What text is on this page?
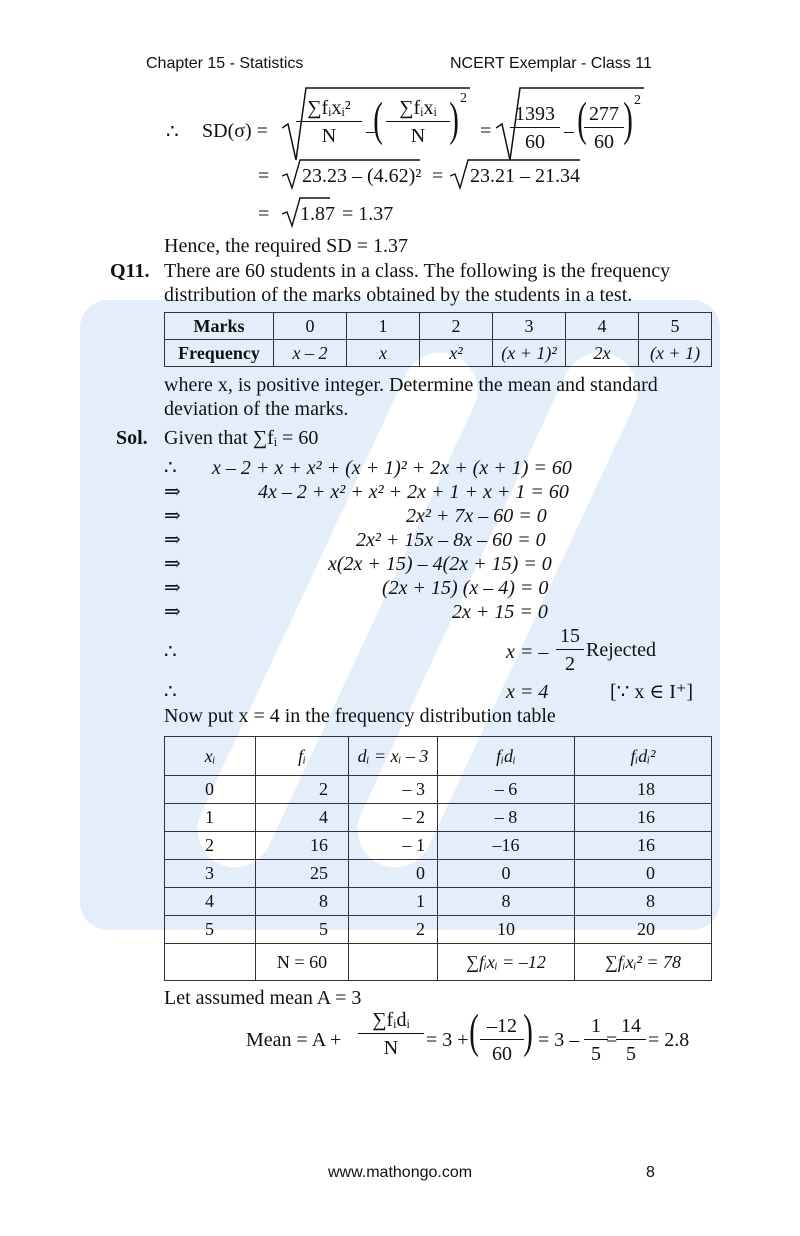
Chapter 15 - Statistics	NCERT Exemplar - Class 11
www.mathongo.com	8
∴ SD(σ) =
∑fᵢxᵢ²
N	–
( ∑fᵢxᵢ
N ) 2
= $\frac{1393}{60}$ – (
$\frac{277}{60}$ ) 2
= 23.23 – (4.62)² = 23.21 – 21.34
= 1.87 = 1.37
Hence, the required SD = 1.37
Q11. There are 60 students in a class. The following is the frequency
distribution of the marks obtained by the students in a test.
Marks	0	1	2	3	4	5
Frequency	x – 2	x	x²	(x + 1)²	2x	(x + 1)
where x, is positive integer. Determine the mean and standard
deviation of the marks.
Sol. Given that ∑fᵢ = 60
∴ x – 2 + x + x² + (x + 1)² + 2x + (x + 1) = 60
⇒	4x – 2 + x² + x² + 2x + 1 + x + 1 = 60
⇒	2x² + 7x – 60 = 0
⇒	2x² + 15x – 8x – 60 = 0
⇒	x(2x + 15) – 4(2x + 15) = 0
⇒	(2x + 15) (x – 4) = 0
⇒	2x + 15 = 0
∴	x = – $\frac{15}{2}$ Rejected
∴	x = 4	[∵ x ∈ I⁺]
Now put x = 4 in the frequency distribution table
xᵢ	fᵢ	dᵢ = xᵢ – 3	fᵢdᵢ	fᵢdᵢ²
0	2	– 3	– 6	18
1	4	– 2	– 8	16
2	16	– 1	–16	16
3	25	0	0	0
4	8	1	8	8
5	5	2	10	20
	N = 60		∑fᵢxᵢ = –12	∑fᵢxᵢ² = 78
Let assumed mean A = 3
Mean = A +
∑fᵢdᵢ
N	= 3 + ( $\frac{-12}{60}$ ) = $3 - \frac{1}{5}$
=
$\frac{14}{5} = 2.8$
